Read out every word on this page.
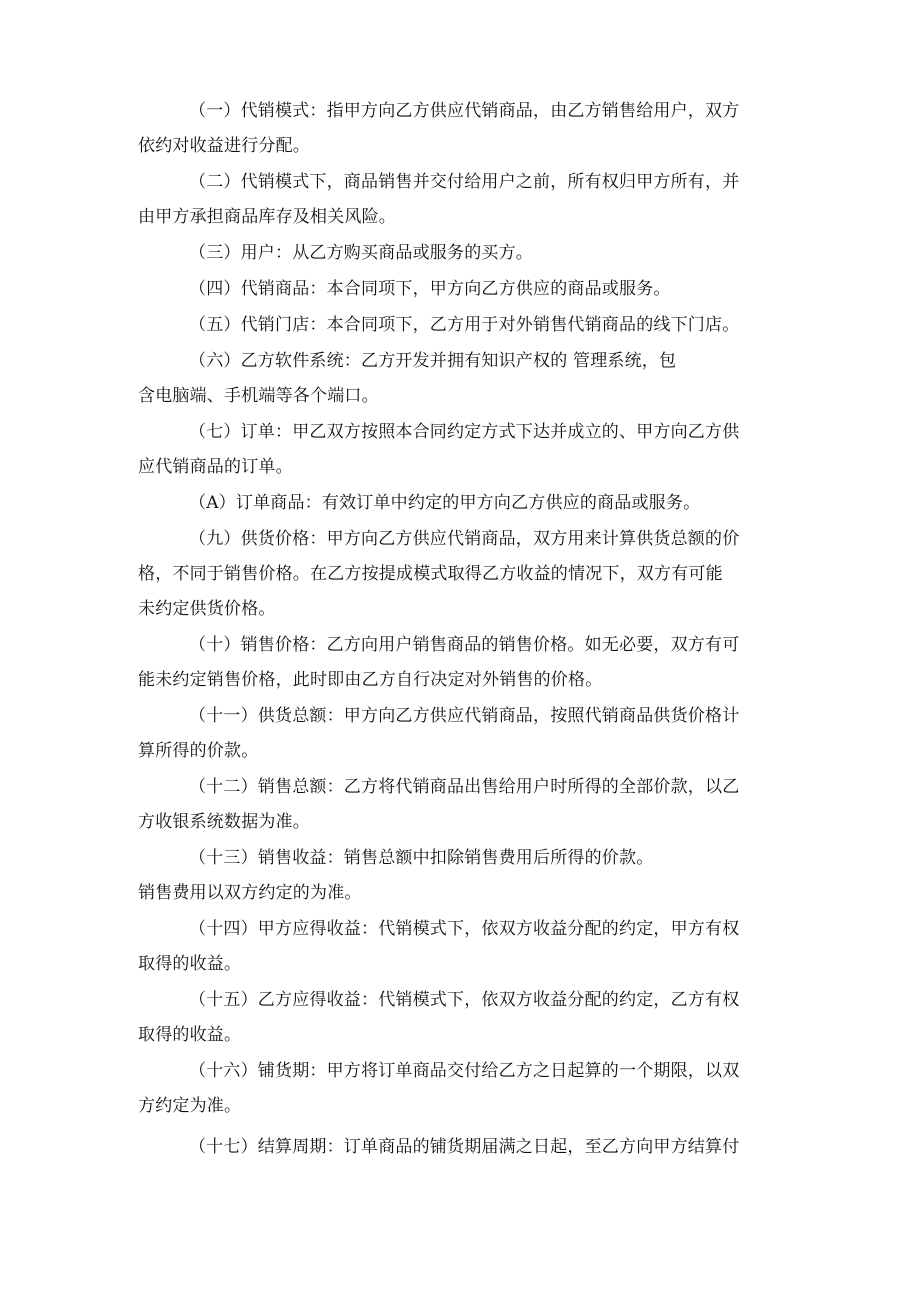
（一）代销模式：指甲方向乙方供应代销商品，由乙方销售给用户，双方
依约对收益进行分配。

（二）代销模式下，商品销售并交付给用户之前，所有权归甲方所有，并
由甲方承担商品库存及相关风险。

（三）用户：从乙方购买商品或服务的买方。

（四）代销商品：本合同项下，甲方向乙方供应的商品或服务。

（五）代销门店：本合同项下，乙方用于对外销售代销商品的线下门店。

（六）乙方软件系统：乙方开发并拥有知识产权的 管理系统，包
含电脑端、手机端等各个端口。

（七）订单：甲乙双方按照本合同约定方式下达并成立的、甲方向乙方供
应代销商品的订单。

（A）订单商品：有效订单中约定的甲方向乙方供应的商品或服务。

（九）供货价格：甲方向乙方供应代销商品，双方用来计算供货总额的价
格，不同于销售价格。在乙方按提成模式取得乙方收益的情况下，双方有可能
未约定供货价格。

（十）销售价格：乙方向用户销售商品的销售价格。如无必要，双方有可
能未约定销售价格，此时即由乙方自行决定对外销售的价格。

（十一）供货总额：甲方向乙方供应代销商品，按照代销商品供货价格计
算所得的价款。

（十二）销售总额：乙方将代销商品出售给用户时所得的全部价款，以乙
方收银系统数据为准。

（十三）销售收益：销售总额中扣除销售费用后所得的价款。
销售费用以双方约定的为准。

（十四）甲方应得收益：代销模式下，依双方收益分配的约定，甲方有权
取得的收益。

（十五）乙方应得收益：代销模式下，依双方收益分配的约定，乙方有权
取得的收益。

（十六）铺货期：甲方将订单商品交付给乙方之日起算的一个期限，以双
方约定为准。

（十七）结算周期：订单商品的铺货期届满之日起，至乙方向甲方结算付
